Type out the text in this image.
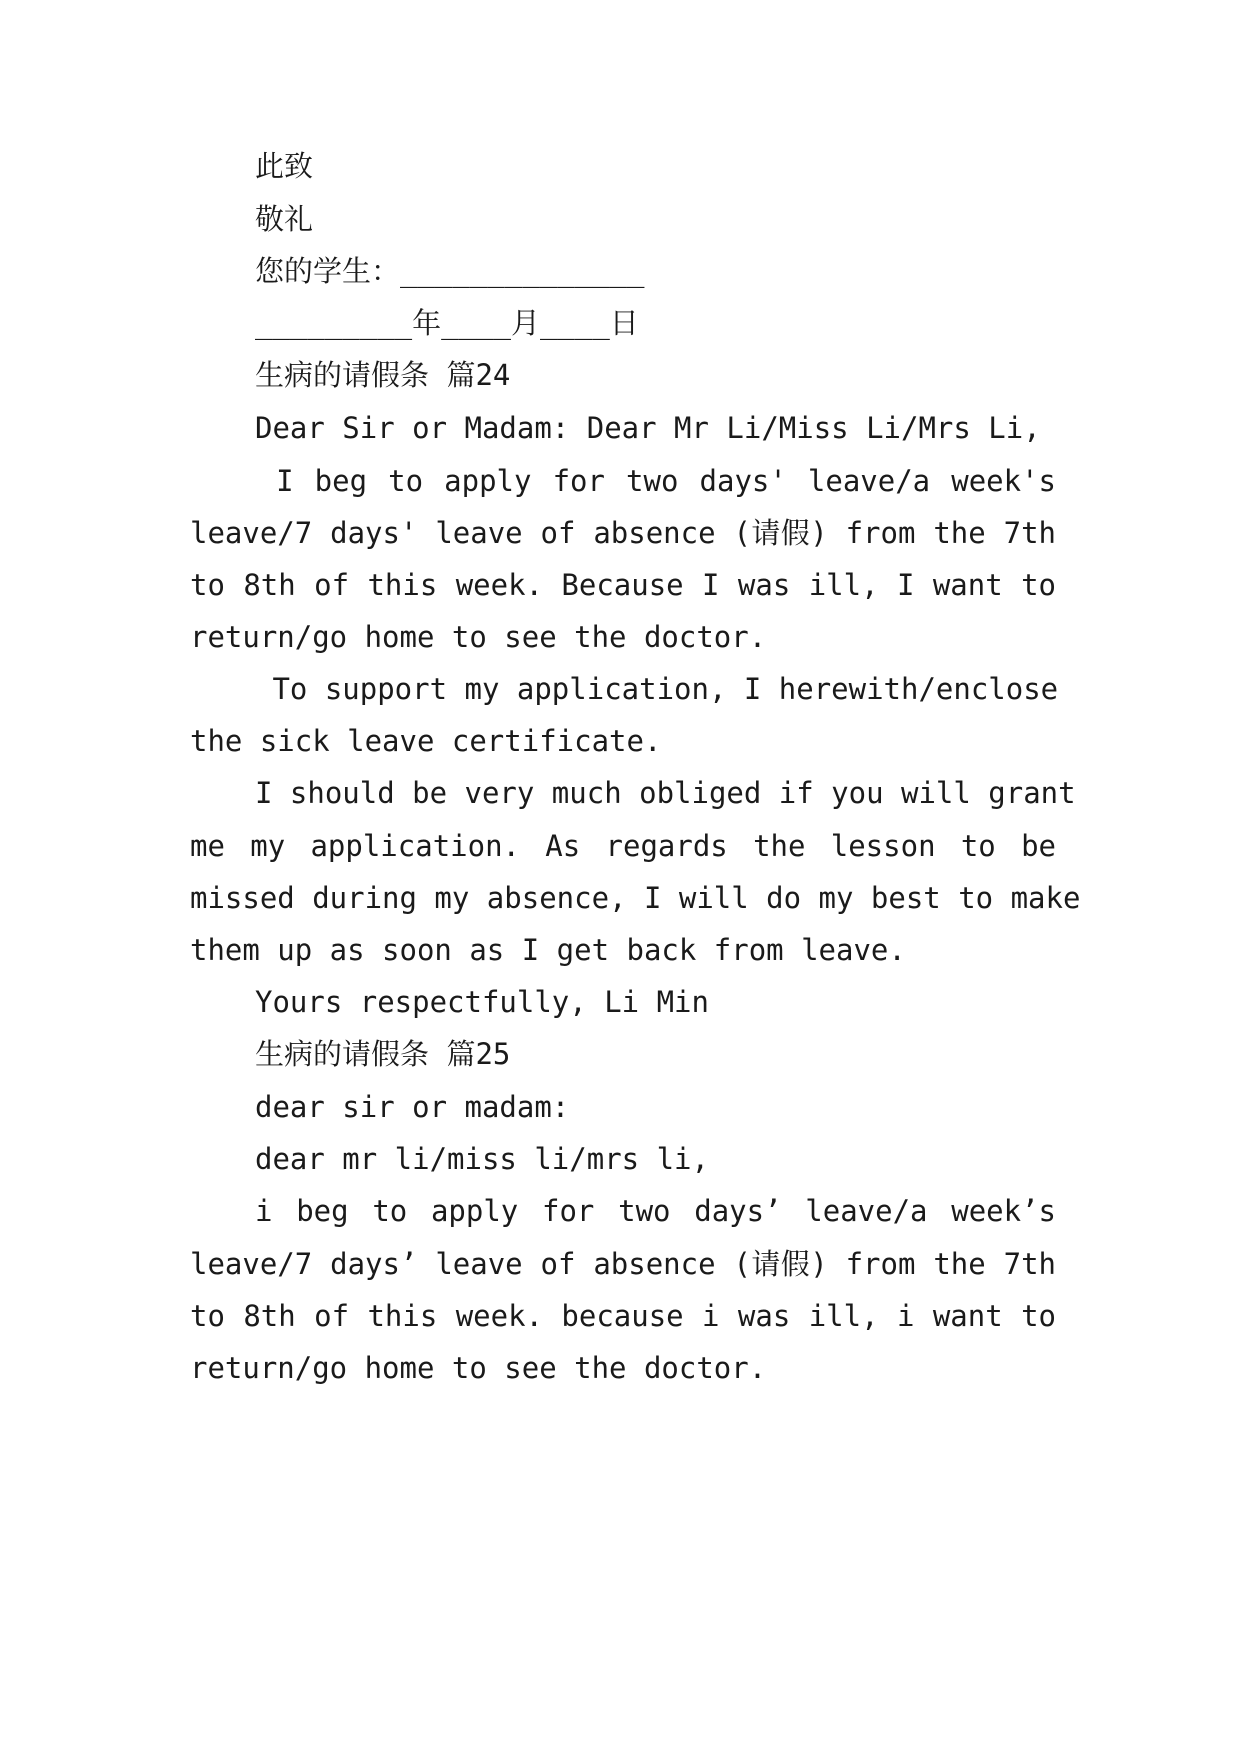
此致
敬礼
您的学生：______________
_________年____月____日
生病的请假条 篇24
Dear Sir or Madam: Dear Mr Li/Miss Li/Mrs Li,
I beg to apply for two days' leave/a week's
leave/7 days' leave of absence (请假) from the 7th
to 8th of this week. Because I was ill, I want to
return/go home to see the doctor.
To support my application, I herewith/enclose
the sick leave certificate.
I should be very much obliged if you will grant
me my application. As regards the lesson to be
missed during my absence, I will do my best to make
them up as soon as I get back from leave.
Yours respectfully, Li Min
生病的请假条 篇25
dear sir or madam:
dear mr li/miss li/mrs li,
i beg to apply for two days’ leave/a week’s
leave/7 days’ leave of absence (请假) from the 7th
to 8th of this week. because i was ill, i want to
return/go home to see the doctor.
